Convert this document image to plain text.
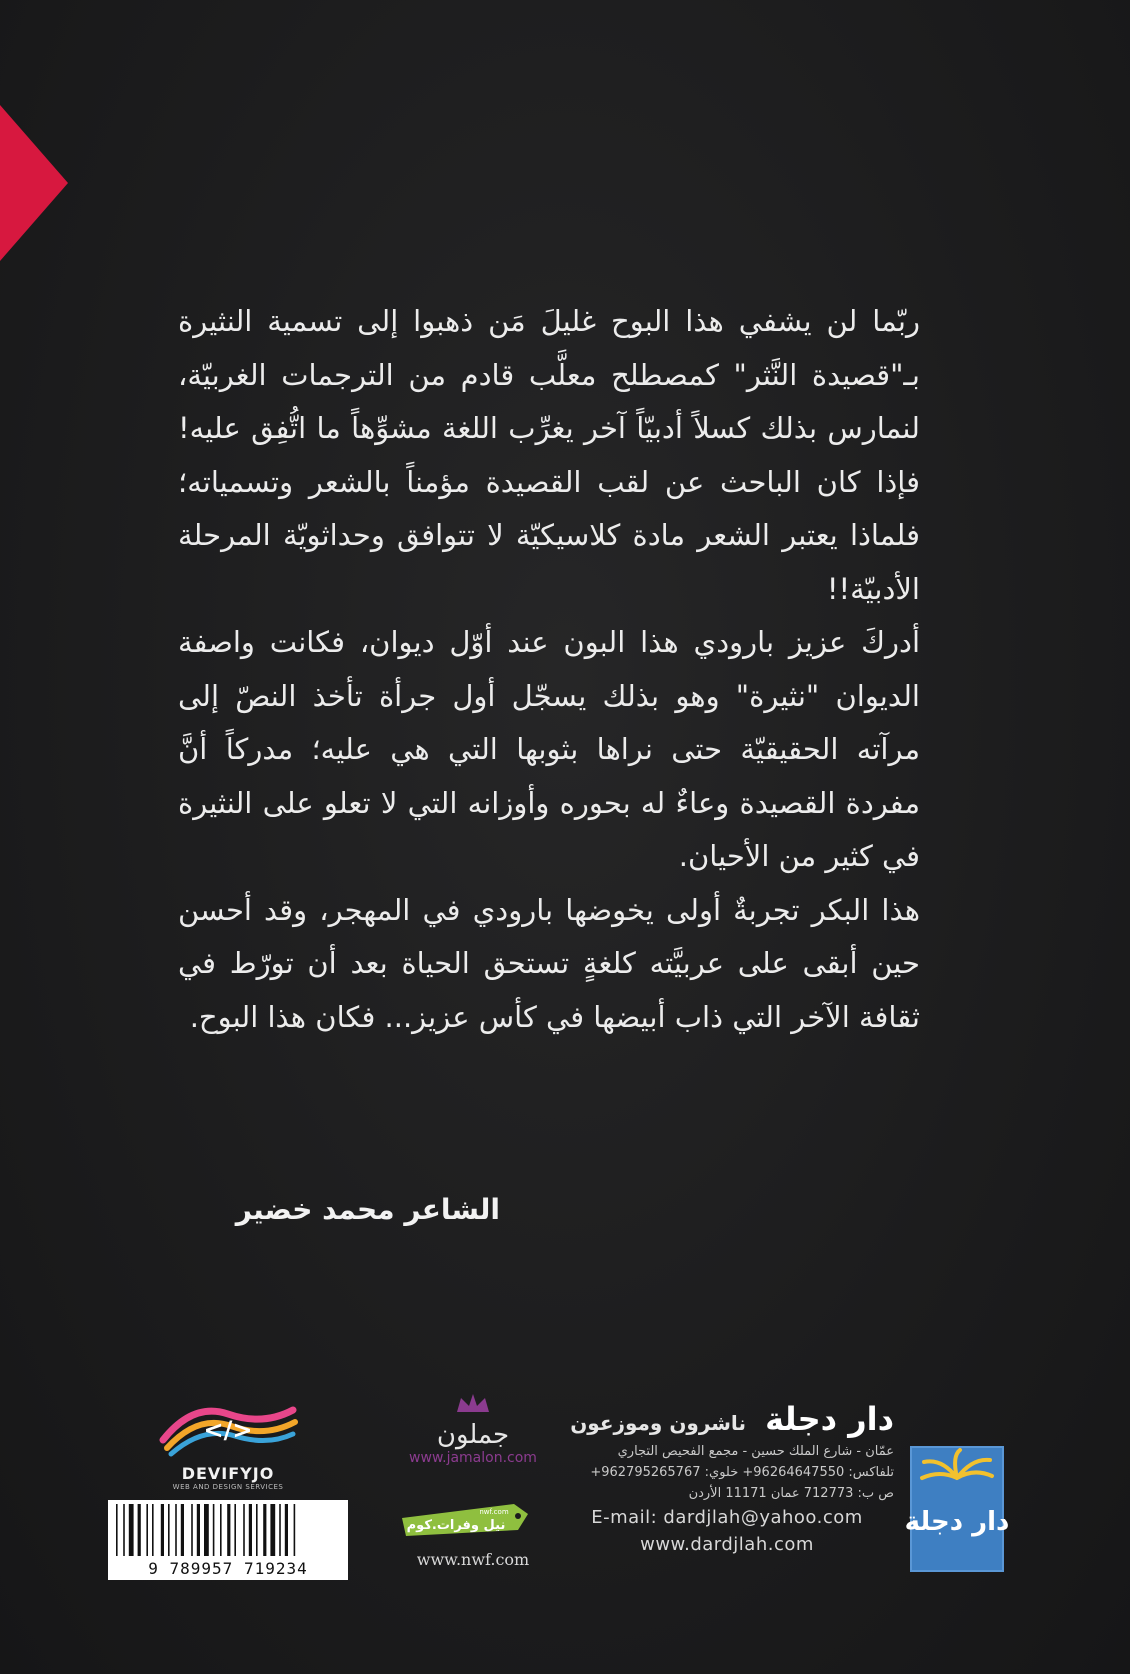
ربّما لن يشفي هذا البوح غليلَ مَن ذهبوا إلى تسمية النثيرة بـ"قصيدة النَّثر" كمصطلح معلَّب قادم من الترجمات الغربيّة، لنمارس بذلك كسلاً أدبيّاً آخر يغرِّب اللغة مشوِّهاً ما اتُّفِق عليه! فإذا كان الباحث عن لقب القصيدة مؤمناً بالشعر وتسمياته؛ فلماذا يعتبر الشعر مادة كلاسيكيّة لا تتوافق وحداثويّة المرحلة الأدبيّة!!

أدركَ عزيز بارودي هذا البون عند أوّل ديوان، فكانت واصفة الديوان "نثيرة" وهو بذلك يسجّل أول جرأة تأخذ النصّ إلى مرآته الحقيقيّة حتى نراها بثوبها التي هي عليه؛ مدركاً أنَّ مفردة القصيدة وعاءٌ له بحوره وأوزانه التي لا تعلو على النثيرة في كثير من الأحيان.

هذا البكر تجربةٌ أولى يخوضها بارودي في المهجر، وقد أحسن حين أبقى على عربيَّته كلغةٍ تستحق الحياة بعد أن تورّط في ثقافة الآخر التي ذاب أبيضها في كأس عزيز... فكان هذا البوح.

الشاعر محمد خضير
دار دجلة
دار دجلة ناشرون وموزعون
عمّان - شارع الملك حسين - مجمع الفحيص التجاري
تلفاكس: 96264647550+ خلوي: 962795265767+
ص ب: 712773 عمان 11171 الأردن
E-mail: dardjlah@yahoo.com
www.dardjlah.com
جملون
www.jamalon.com
نيل وفرات.كوم
nwf.com
www.nwf.com
</>
DEVIFYJO
WEB AND DESIGN SERVICES
9 789957 719234
